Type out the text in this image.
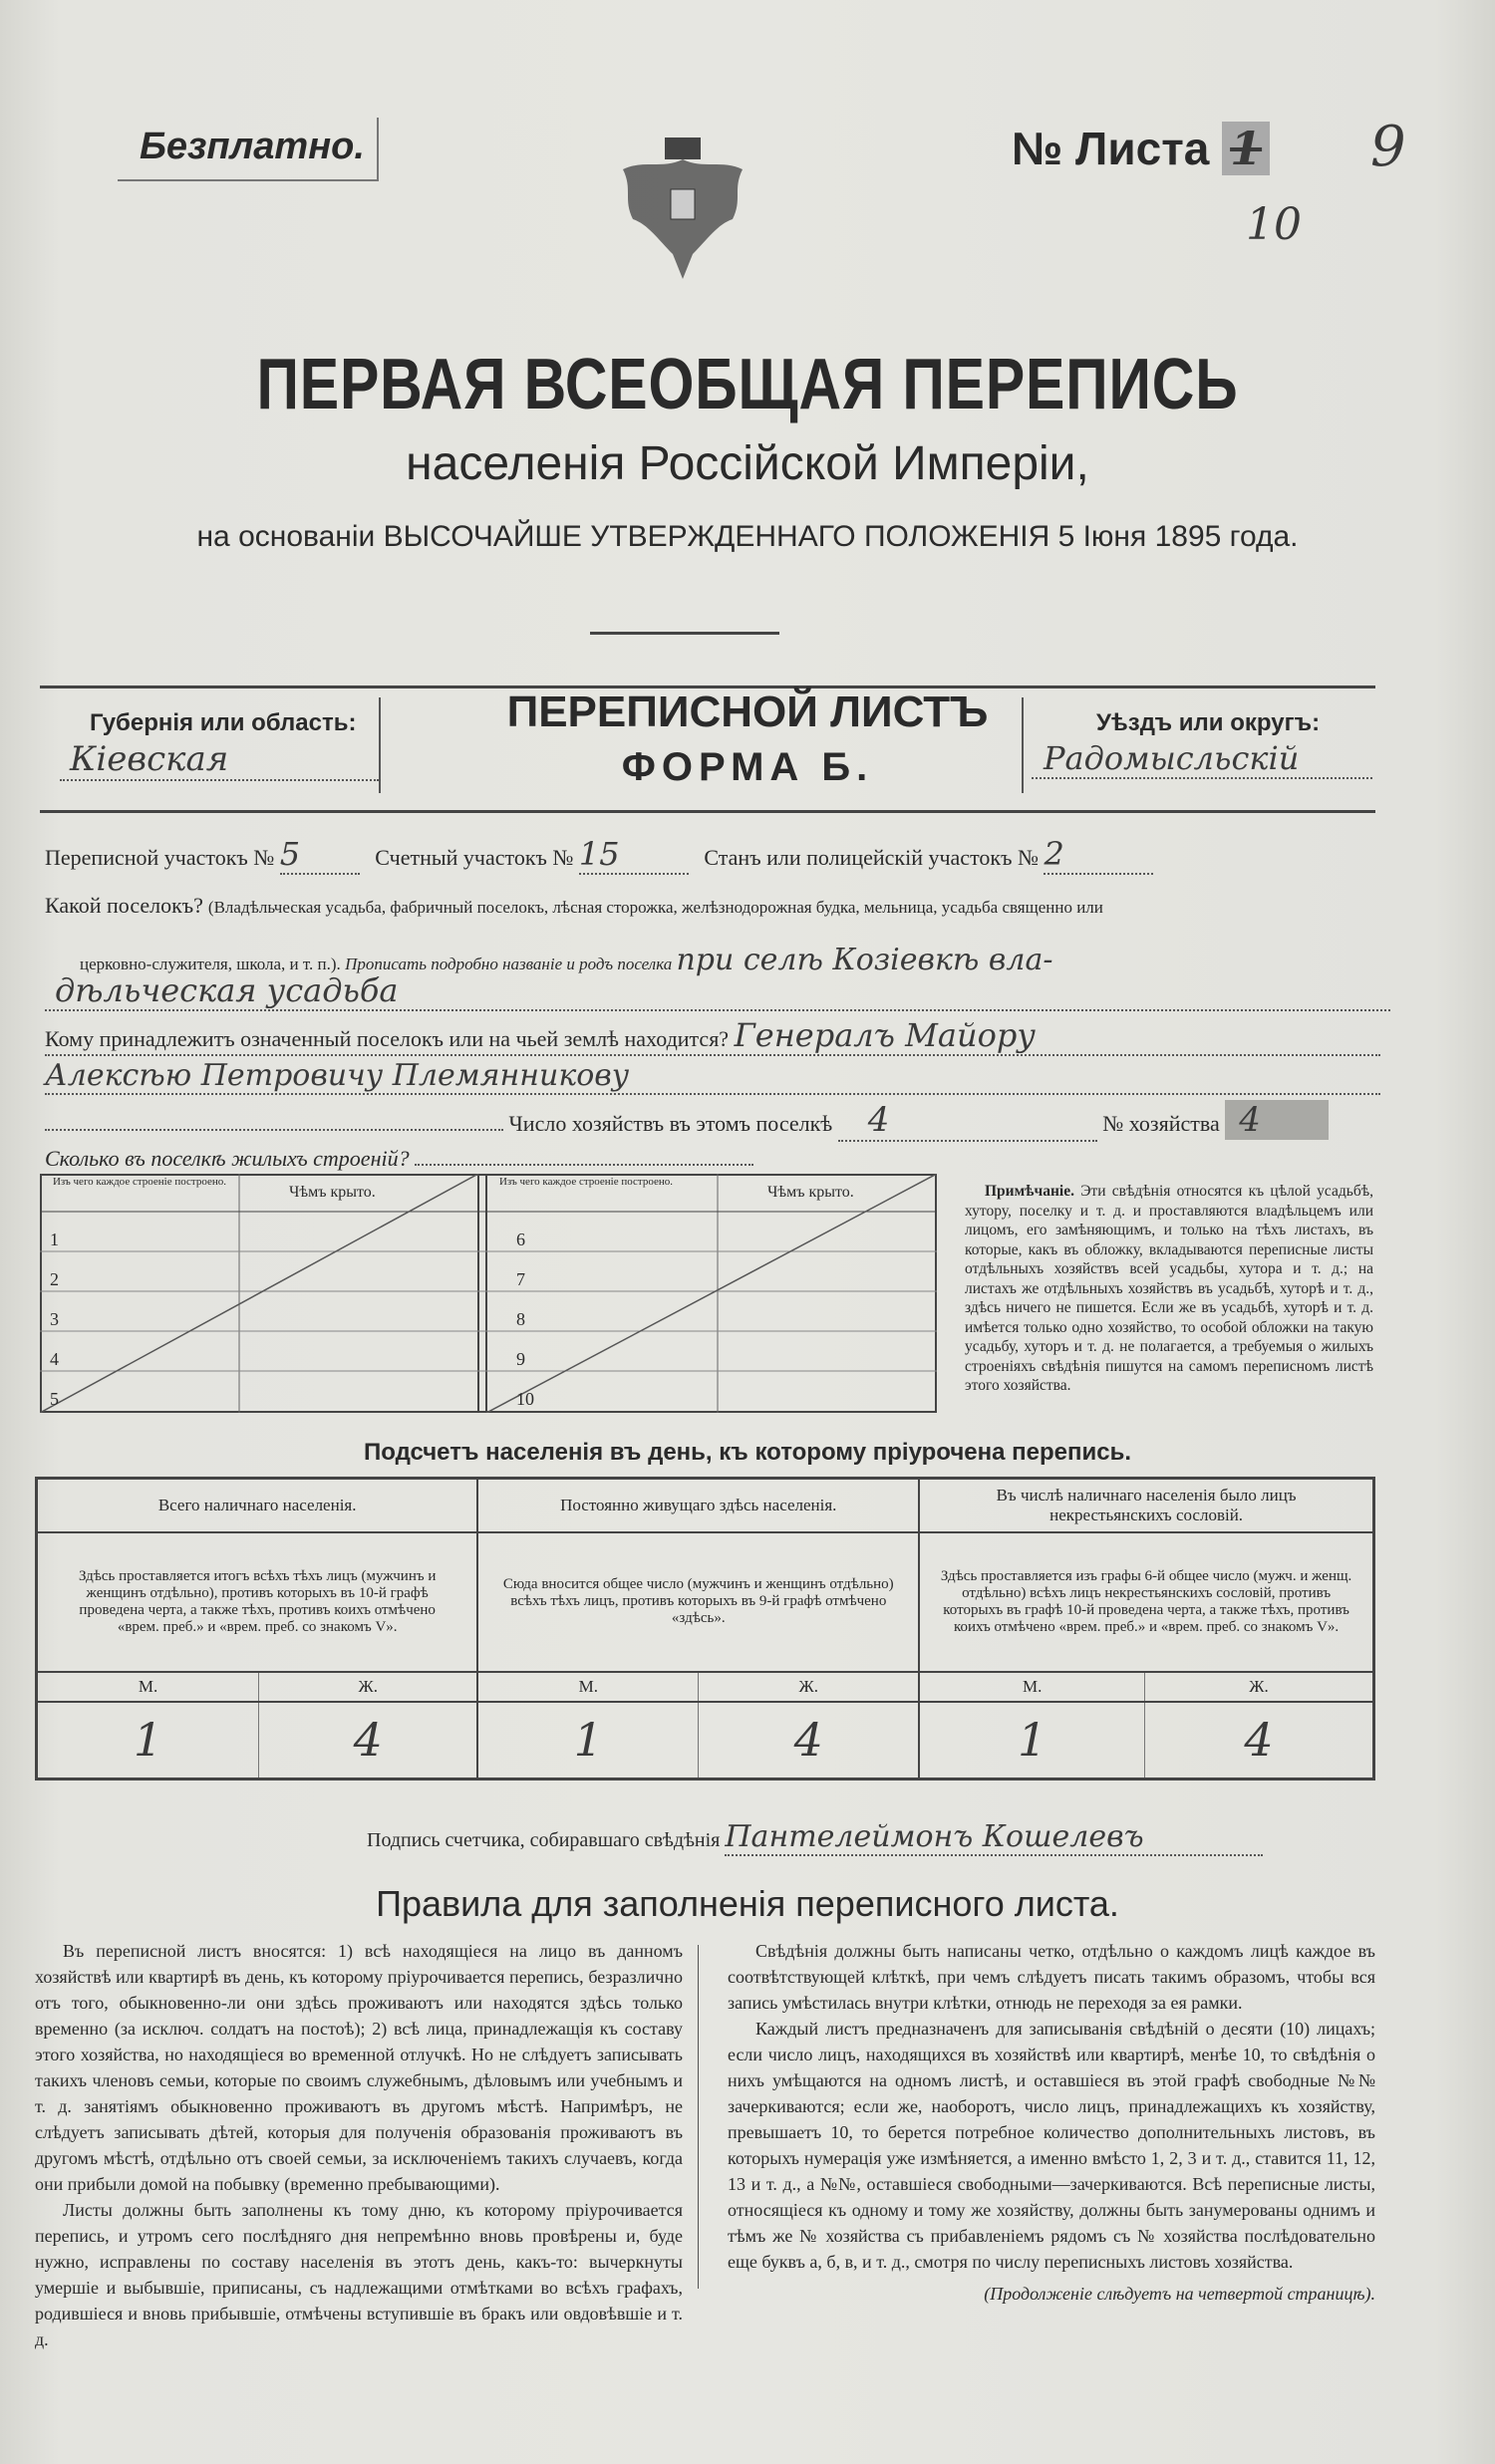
Безплатно.	№ Листа 1 9
10
ПЕРВАЯ ВСЕОБЩАЯ ПЕРЕПИСЬ
населенія Россійской Имперіи,
на основаніи ВЫСОЧАЙШЕ УТВЕРЖДЕННАГО ПОЛОЖЕНІЯ 5 Іюня 1895 года.
Губернія или область:
Кіевская
ПЕРЕПИСНОЙ ЛИСТЪ
ФОРМА Б.
Уѣздъ или округъ:
Радомысльскій
Переписной участокъ № 5	Счетный участокъ № 15	Станъ или полицейскій участокъ № 2
Какой поселокъ? (Владѣльческая усадьба, фабричный поселокъ, лѣсная сторожка, желѣзнодорожная будка, мельница, усадьба священно или
церковно-служителя, школа, и т. п.). Прописать подробно названіе и родъ поселка при селѣ Козіевкѣ вла-
дѣльческая усадьба
Кому принадлежитъ означенный поселокъ или на чьей землѣ находится? Генералъ Майору
Алексѣю Петровичу Племянникову
Число хозяйствъ въ этомъ поселкѣ 4	№ хозяйства 4
Сколько въ поселкѣ жилыхъ строеній?
Изъ чего каждое строеніе построено.
Чѣмъ крыто.
Изъ чего каждое строеніе построено.
Чѣмъ крыто.
1
2
3
4
5
6
7
8
9
10
Примѣчаніе. Эти свѣдѣнія относятся къ цѣлой усадьбѣ, хутору, поселку и т. д. и проставляются владѣльцемъ или лицомъ, его замѣняющимъ, и только на тѣхъ листахъ, въ которые, какъ въ обложку, вкладываются переписные листы отдѣльныхъ хозяйствъ всей усадьбы, хутора и т. д.; на листахъ же отдѣльныхъ хозяйствъ въ усадьбѣ, хуторѣ и т. д., здѣсь ничего не пишется. Если же въ усадьбѣ, хуторѣ и т. д. имѣется только одно хозяйство, то особой обложки на такую усадьбу, хуторъ и т. д. не полагается, а требуемыя о жилыхъ строеніяхъ свѣдѣнія пишутся на самомъ переписномъ листѣ этого хозяйства.
Подсчетъ населенія въ день, къ которому пріурочена перепись.
Всего наличнаго населенія.		Постоянно живущаго здѣсь населенія.		Въ числѣ наличнаго населенія было лицъ некрестьянскихъ сословій.	
Здѣсь проставляется итогъ всѣхъ тѣхъ лицъ (мужчинъ и женщинъ отдѣльно), противъ которыхъ въ 10-й графѣ проведена черта, а также тѣхъ, противъ коихъ отмѣчено «врем. преб.» и «врем. преб. со знакомъ V».		Сюда вносится общее число (мужчинъ и женщинъ отдѣльно) всѣхъ тѣхъ лицъ, противъ которыхъ въ 9-й графѣ отмѣчено «здѣсь».		Здѣсь проставляется изъ графы 6-й общее число (мужч. и женщ. отдѣльно) всѣхъ лицъ некрестьянскихъ сословій, противъ которыхъ въ графѣ 10-й проведена черта, а также тѣхъ, противъ коихъ отмѣчено «врем. преб.» и «врем. преб. со знакомъ V».	
М.	Ж.	М.	Ж.	М.	Ж.
1	4	1	4	1	4
Подпись счетчика, собиравшаго свѣдѣнія Пантелеймонъ Кошелевъ
Правила для заполненія переписного листа.

Въ переписной листъ вносятся: 1) всѣ находящіеся на лицо въ данномъ хозяйствѣ или квартирѣ въ день, къ которому пріурочивается перепись, безразлично отъ того, обыкновенно-ли они здѣсь проживаютъ или находятся здѣсь только временно (за исключ. солдатъ на постоѣ); 2) всѣ лица, принадлежащія къ составу этого хозяйства, но находящіеся во временной отлучкѣ. Но не слѣдуетъ записывать такихъ членовъ семьи, которые по своимъ служебнымъ, дѣловымъ или учебнымъ и т. д. занятіямъ обыкновенно проживаютъ въ другомъ мѣстѣ. Напримѣръ, не слѣдуетъ записывать дѣтей, которыя для полученія образованія проживаютъ въ другомъ мѣстѣ, отдѣльно отъ своей семьи, за исключеніемъ такихъ случаевъ, когда они прибыли домой на побывку (временно пребывающими).

Листы должны быть заполнены къ тому дню, къ которому пріурочивается перепись, и утромъ сего послѣдняго дня непремѣнно вновь провѣрены и, буде нужно, исправлены по составу населенія въ этотъ день, какъ-то: вычеркнуты умершіе и выбывшіе, приписаны, съ надлежащими отмѣтками во всѣхъ графахъ, родившіеся и вновь прибывшіе, отмѣчены вступившіе въ бракъ или овдовѣвшіе и т. д.

Свѣдѣнія должны быть написаны четко, отдѣльно о каждомъ лицѣ каждое въ соотвѣтствующей клѣткѣ, при чемъ слѣдуетъ писать такимъ образомъ, чтобы вся запись умѣстилась внутри клѣтки, отнюдь не переходя за ея рамки.

Каждый листъ предназначенъ для записыванія свѣдѣній о десяти (10) лицахъ; если число лицъ, находящихся въ хозяйствѣ или квартирѣ, менѣе 10, то свѣдѣнія о нихъ умѣщаются на одномъ листѣ, и оставшіеся въ этой графѣ свободные №№ зачеркиваются; если же, наоборотъ, число лицъ, принадлежащихъ къ хозяйству, превышаетъ 10, то берется потребное количество дополнительныхъ листовъ, въ которыхъ нумерація уже измѣняется, а именно вмѣсто 1, 2, 3 и т. д., ставится 11, 12, 13 и т. д., а №№, оставшіеся свободными—зачеркиваются. Всѣ переписные листы, относящіеся къ одному и тому же хозяйству, должны быть занумерованы однимъ и тѣмъ же № хозяйства съ прибавленіемъ рядомъ съ № хозяйства послѣдовательно еще буквъ а, б, в, и т. д., смотря по числу переписныхъ листовъ хозяйства.

(Продолженіе слѣдуетъ на четвертой страницѣ).
